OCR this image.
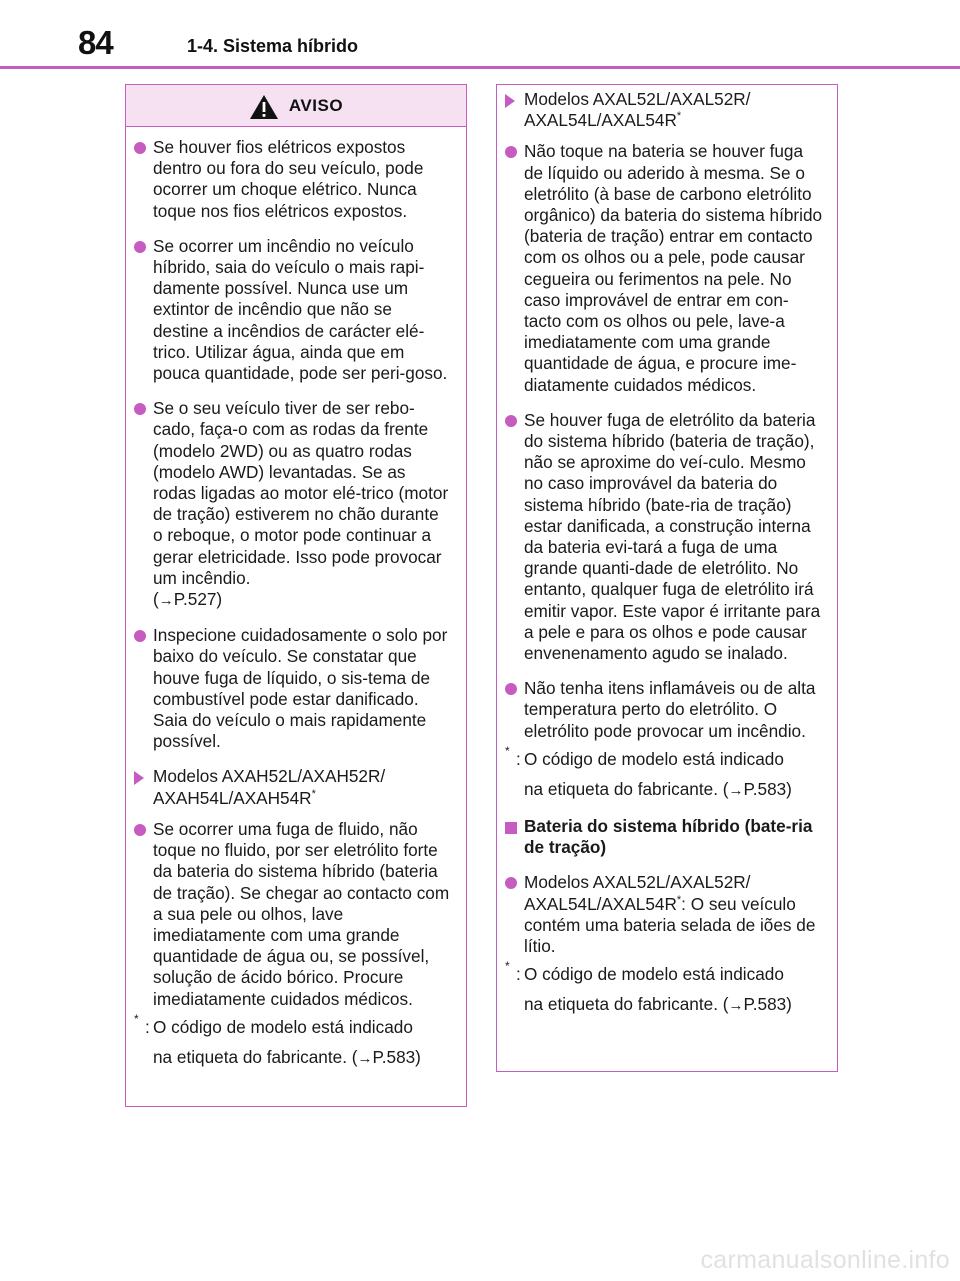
84	1-4. Sistema híbrido
AVISO
Se houver fios elétricos expostos dentro ou fora do seu veículo, pode ocorrer um choque elétrico. Nunca toque nos fios elétricos expostos.
Se ocorrer um incêndio no veículo híbrido, saia do veículo o mais rapi-damente possível. Nunca use um extintor de incêndio que não se destine a incêndios de carácter elé-trico. Utilizar água, ainda que em pouca quantidade, pode ser peri-goso.
Se o seu veículo tiver de ser rebo-cado, faça-o com as rodas da frente (modelo 2WD) ou as quatro rodas (modelo AWD) levantadas. Se as rodas ligadas ao motor elé-trico (motor de tração) estiverem no chão durante o reboque, o motor pode continuar a gerar eletricidade. Isso pode provocar um incêndio.
(→P.527)
Inspecione cuidadosamente o solo por baixo do veículo. Se constatar que houve fuga de líquido, o sis-tema de combustível pode estar danificado. Saia do veículo o mais rapidamente possível.
Modelos AXAH52L/AXAH52R/ AXAH54L/AXAH54R*
Se ocorrer uma fuga de fluido, não toque no fluido, por ser eletrólito forte da bateria do sistema híbrido (bateria de tração). Se chegar ao contacto com a sua pele ou olhos, lave imediatamente com uma grande quantidade de água ou, se possível, solução de ácido bórico. Procure imediatamente cuidados médicos.
* : O código de modelo está indicado
na etiqueta do fabricante. (→P.583)
Modelos AXAL52L/AXAL52R/ AXAL54L/AXAL54R*
Não toque na bateria se houver fuga de líquido ou aderido à mesma. Se o eletrólito (à base de carbono eletrólito orgânico) da bateria do sistema híbrido (bateria de tração) entrar em contacto com os olhos ou a pele, pode causar cegueira ou ferimentos na pele. No caso improvável de entrar em con-tacto com os olhos ou pele, lave-a imediatamente com uma grande quantidade de água, e procure ime-diatamente cuidados médicos.
Se houver fuga de eletrólito da bateria do sistema híbrido (bateria de tração), não se aproxime do veí-culo. Mesmo no caso improvável da bateria do sistema híbrido (bate-ria de tração) estar danificada, a construção interna da bateria evi-tará a fuga de uma grande quanti-dade de eletrólito. No entanto, qualquer fuga de eletrólito irá emitir vapor. Este vapor é irritante para a pele e para os olhos e pode causar envenenamento agudo se inalado.
Não tenha itens inflamáveis ou de alta temperatura perto do eletrólito. O eletrólito pode provocar um incêndio.
* : O código de modelo está indicado
na etiqueta do fabricante. (→P.583)
Bateria do sistema híbrido (bate-ria de tração)
Modelos AXAL52L/AXAL52R/ AXAL54L/AXAL54R*: O seu veículo contém uma bateria selada de iões de lítio.
* : O código de modelo está indicado
na etiqueta do fabricante. (→P.583)
carmanualsonline.info
